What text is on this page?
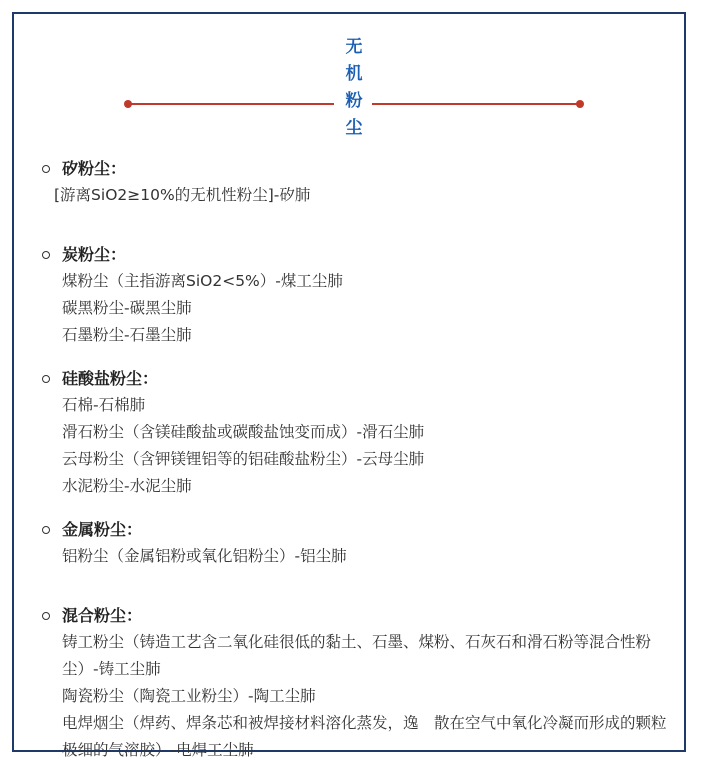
无机粉尘
矽粉尘：
[游离SiO2≥10%的无机性粉尘]-矽肺
炭粉尘：
煤粉尘（主指游离SiO2<5%）-煤工尘肺
碳黑粉尘-碳黑尘肺
石墨粉尘-石墨尘肺
硅酸盐粉尘：
石棉-石棉肺
滑石粉尘（含镁硅酸盐或碳酸盐蚀变而成）-滑石尘肺
云母粉尘（含钾镁锂铝等的铝硅酸盐粉尘）-云母尘肺
水泥粉尘-水泥尘肺
金属粉尘：
铝粉尘（金属铝粉或氧化铝粉尘）-铝尘肺
混合粉尘：
铸工粉尘（铸造工艺含二氧化硅很低的黏土、石墨、煤粉、石灰石和滑石粉等混合性粉尘）-铸工尘肺
陶瓷粉尘（陶瓷工业粉尘）-陶工尘肺
电焊烟尘（焊药、焊条芯和被焊接材料溶化蒸发，逸　散在空气中氧化冷凝而形成的颗粒极细的气溶胶）-电焊工尘肺
